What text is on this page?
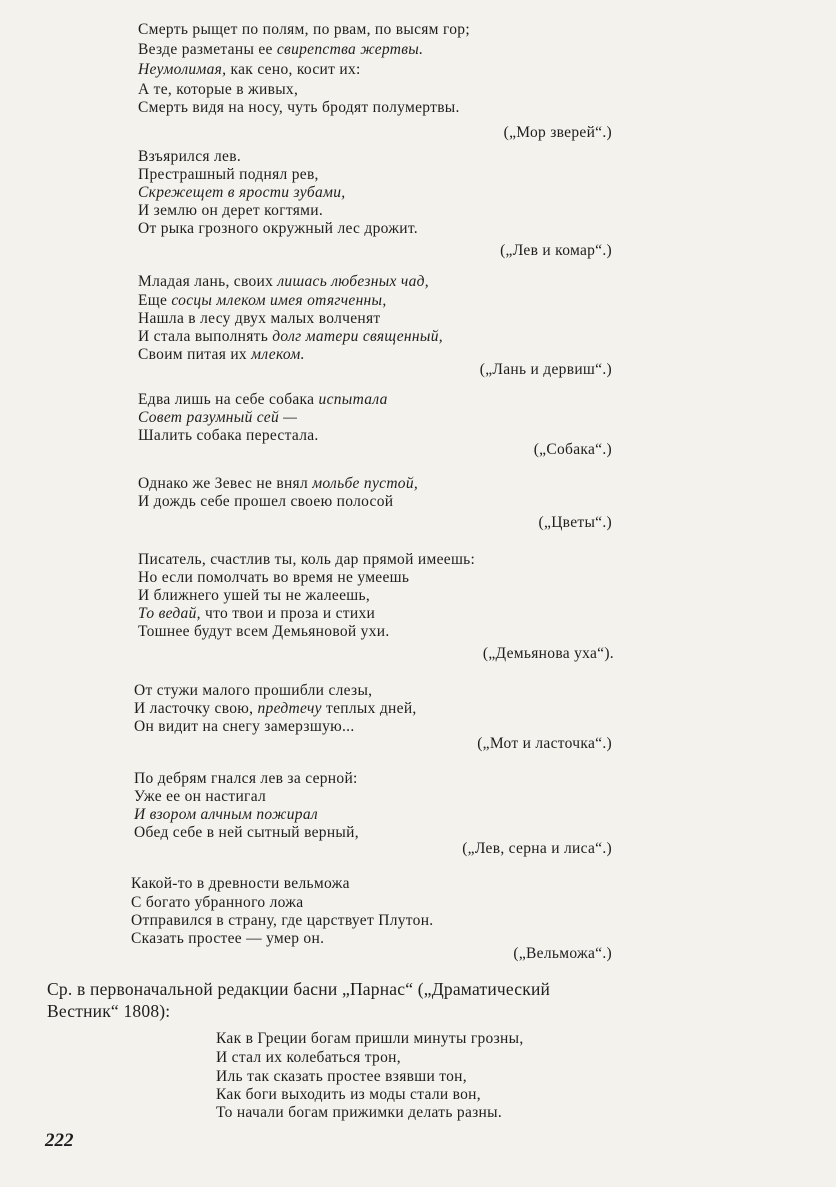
Смерть рыщет по полям, по рвам, по высям гор;
Везде разметаны ее свирепства жертвы.
Неумолимая, как сено, косит их:
А те, которые в живых,
Смерть видя на носу, чуть бродят полумертвы.
(„Мор зверей“.)
Взъярился лев.
Престрашный поднял рев,
Скрежещет в ярости зубами,
И землю он дерет когтями.
От рыка грозного окружный лес дрожит.
(„Лев и комар“.)
Младая лань, своих лишась любезных чад,
Еще сосцы млеком имея отягченны,
Нашла в лесу двух малых волченят
И стала выполнять долг матери священный,
Своим питая их млеком.
(„Лань и дервиш“.)
Едва лишь на себе собака испытала
Совет разумный сей —
Шалить собака перестала.
(„Собака“.)
Однако же Зевес не внял мольбе пустой,
И дождь себе прошел своею полосой
(„Цветы“.)
Писатель, счастлив ты, коль дар прямой имеешь:
Но если помолчать во время не умеешь
И ближнего ушей ты не жалеешь,
То ведай, что твои и проза и стихи
Тошнее будут всем Демьяновой ухи.
(„Демьянова уха“).
От стужи малого прошибли слезы,
И ласточку свою, предтечу теплых дней,
Он видит на снегу замерзшую...
(„Мот и ласточка“.)
По дебрям гнался лев за серной:
Уже ее он настигал
И взором алчным пожирал
Обед себе в ней сытный верный,
(„Лев, серна и лиса“.)
Какой-то в древности вельможа
С богато убранного ложа
Отправился в страну, где царствует Плутон.
Сказать простее — умер он.
(„Вельможа“.)
Ср. в первоначальной редакции басни „Парнас“ („Драматический
Вестник“ 1808):
Как в Греции богам пришли минуты грозны,
И стал их колебаться трон,
Иль так сказать простее взявши тон,
Как боги выходить из моды стали вон,
То начали богам прижимки делать разны.
222
